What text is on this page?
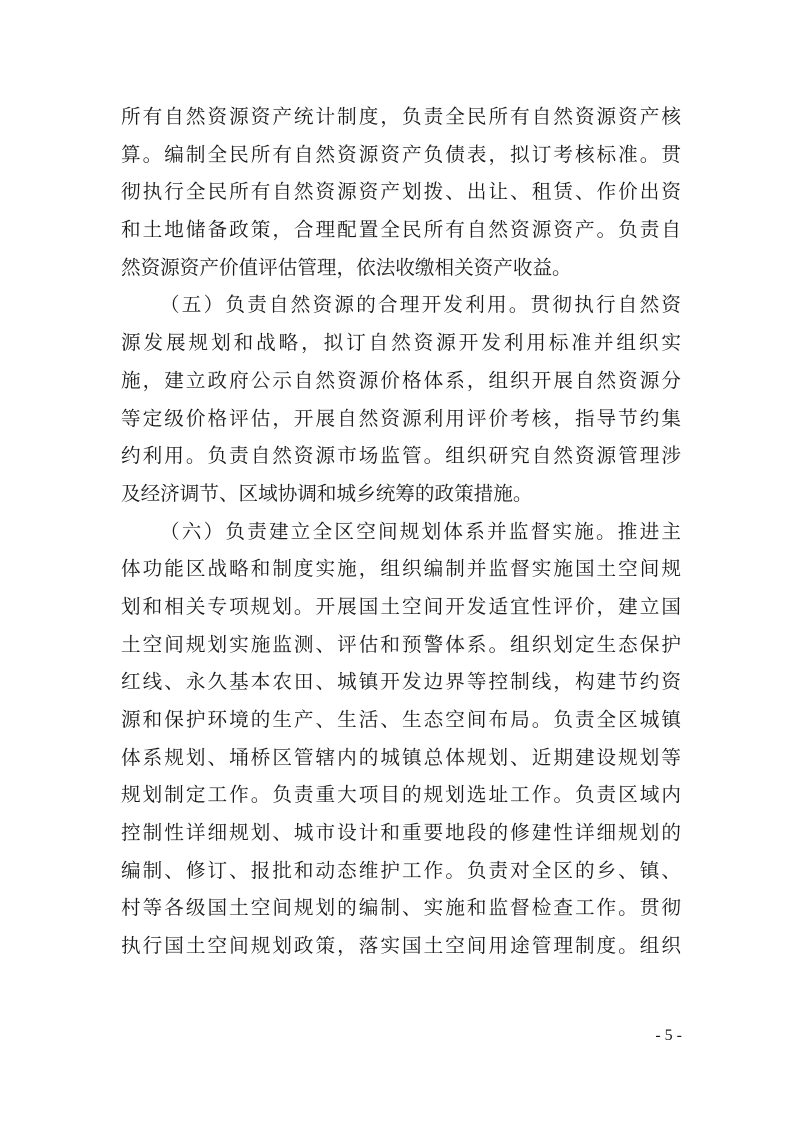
所有自然资源资产统计制度，负责全民所有自然资源资产核
算。编制全民所有自然资源资产负债表，拟订考核标准。贯
彻执行全民所有自然资源资产划拨、出让、租赁、作价出资
和土地储备政策，合理配置全民所有自然资源资产。负责自
然资源资产价值评估管理，依法收缴相关资产收益。
（五）负责自然资源的合理开发利用。贯彻执行自然资
源发展规划和战略，拟订自然资源开发利用标准并组织实
施，建立政府公示自然资源价格体系，组织开展自然资源分
等定级价格评估，开展自然资源利用评价考核，指导节约集
约利用。负责自然资源市场监管。组织研究自然资源管理涉
及经济调节、区域协调和城乡统筹的政策措施。
（六）负责建立全区空间规划体系并监督实施。推进主
体功能区战略和制度实施，组织编制并监督实施国土空间规
划和相关专项规划。开展国土空间开发适宜性评价，建立国
土空间规划实施监测、评估和预警体系。组织划定生态保护
红线、永久基本农田、城镇开发边界等控制线，构建节约资
源和保护环境的生产、生活、生态空间布局。负责全区城镇
体系规划、埇桥区管辖内的城镇总体规划、近期建设规划等
规划制定工作。负责重大项目的规划选址工作。负责区域内
控制性详细规划、城市设计和重要地段的修建性详细规划的
编制、修订、报批和动态维护工作。负责对全区的乡、镇、
村等各级国土空间规划的编制、实施和监督检查工作。贯彻
执行国土空间规划政策，落实国土空间用途管理制度。组织
- 5 -
